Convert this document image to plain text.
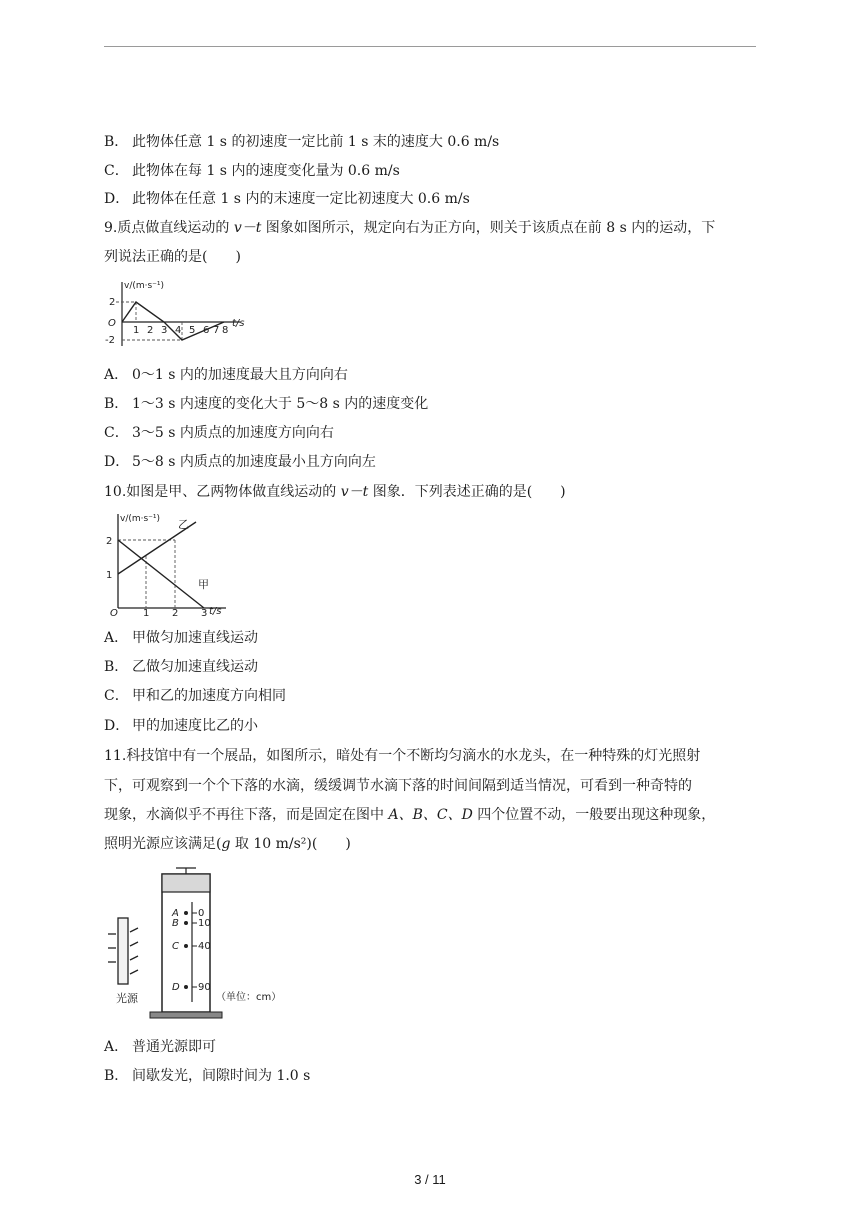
B． 此物体任意 1 s 的初速度一定比前 1 s 末的速度大 0.6 m/s
C． 此物体在每 1 s 内的速度变化量为 0.6 m/s
D． 此物体在任意 1 s 内的末速度一定比初速度大 0.6 m/s
9.质点做直线运动的 v－t 图象如图所示，规定向右为正方向，则关于该质点在前 8 s 内的运动，下
列说法正确的是(　　)
v/(m·s⁻¹)
2
-2
O
1 2 3 4 5 6 7 8
t/s
A． 0～1 s 内的加速度最大且方向向右
B． 1～3 s 内速度的变化大于 5～8 s 内的速度变化
C． 3～5 s 内质点的加速度方向向右
D． 5～8 s 内质点的加速度最小且方向向左
10.如图是甲、乙两物体做直线运动的 v－t 图象．下列表述正确的是(　　)
v/(m·s⁻¹)
2
1
O	1 2 3 t/s
乙
甲
A． 甲做匀加速直线运动
B． 乙做匀加速直线运动
C． 甲和乙的加速度方向相同
D． 甲的加速度比乙的小
11.科技馆中有一个展品，如图所示，暗处有一个不断均匀滴水的水龙头，在一种特殊的灯光照射
下，可观察到一个个下落的水滴，缓缓调节水滴下落的时间间隔到适当情况，可看到一种奇特的
现象，水滴似乎不再往下落，而是固定在图中 A、B、C、D 四个位置不动，一般要出现这种现象，
照明光源应该满足(g 取 10 m/s²)(　　)
A
B
C
D
0
10
40
90
光源	（单位：cm）
A． 普通光源即可
B． 间歇发光，间隙时间为 1.0 s
3 / 11
